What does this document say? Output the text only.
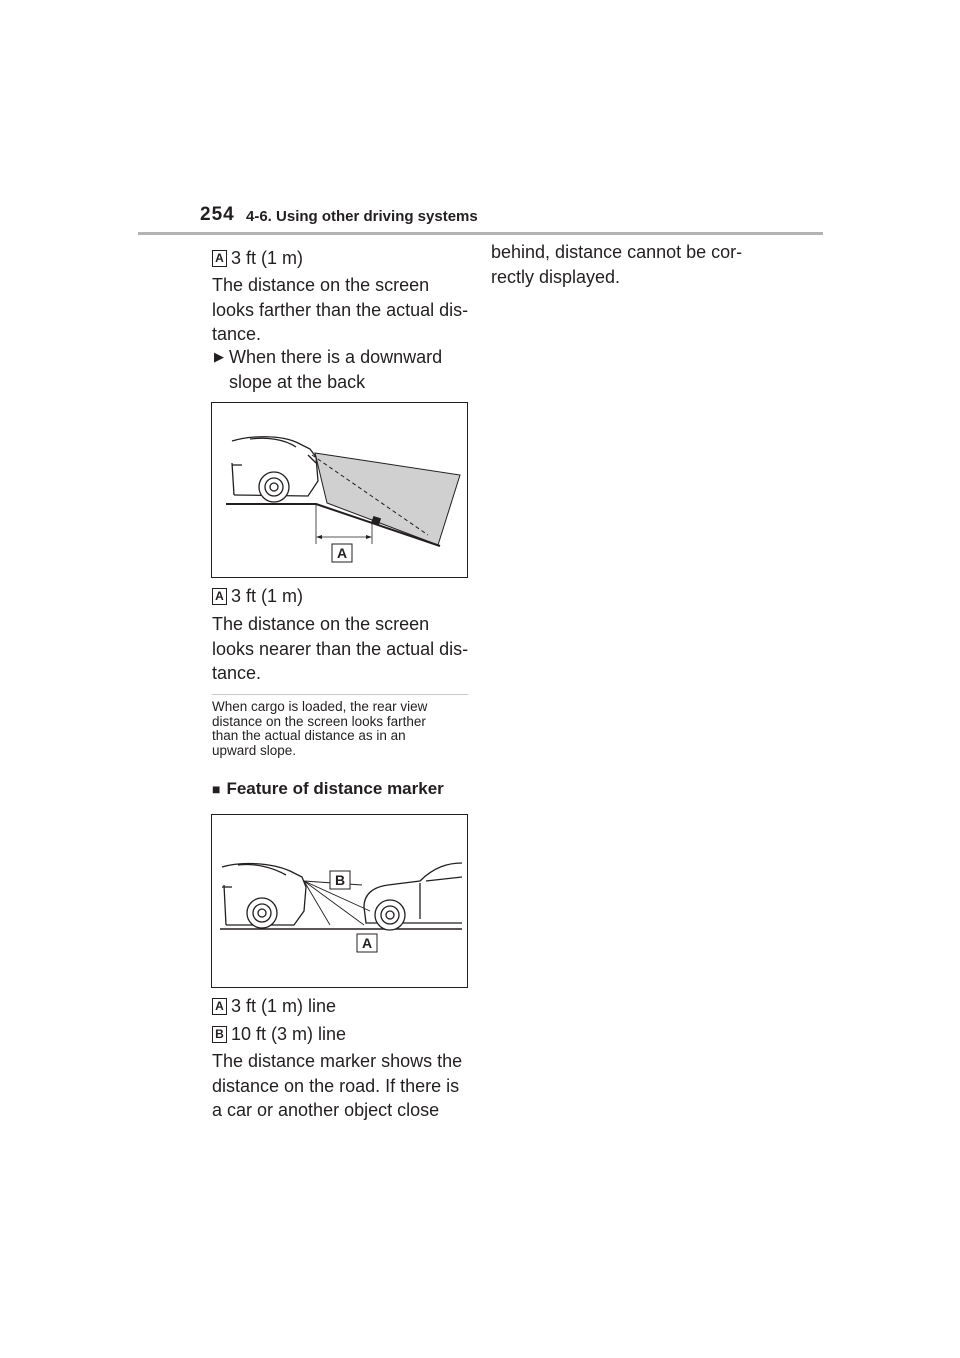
254 4-6. Using other driving systems
A 3 ft (1 m)
The distance on the screen
looks farther than the actual dis-
tance.
▶ When there is a downward
slope at the back
A
A 3 ft (1 m)
The distance on the screen
looks nearer than the actual dis-
tance.
When cargo is loaded, the rear view
distance on the screen looks farther
than the actual distance as in an
upward slope.
■ Feature of distance marker
B
A
A 3 ft (1 m) line
B 10 ft (3 m) line
The distance marker shows the
distance on the road. If there is
a car or another object close
behind, distance cannot be cor-
rectly displayed.
